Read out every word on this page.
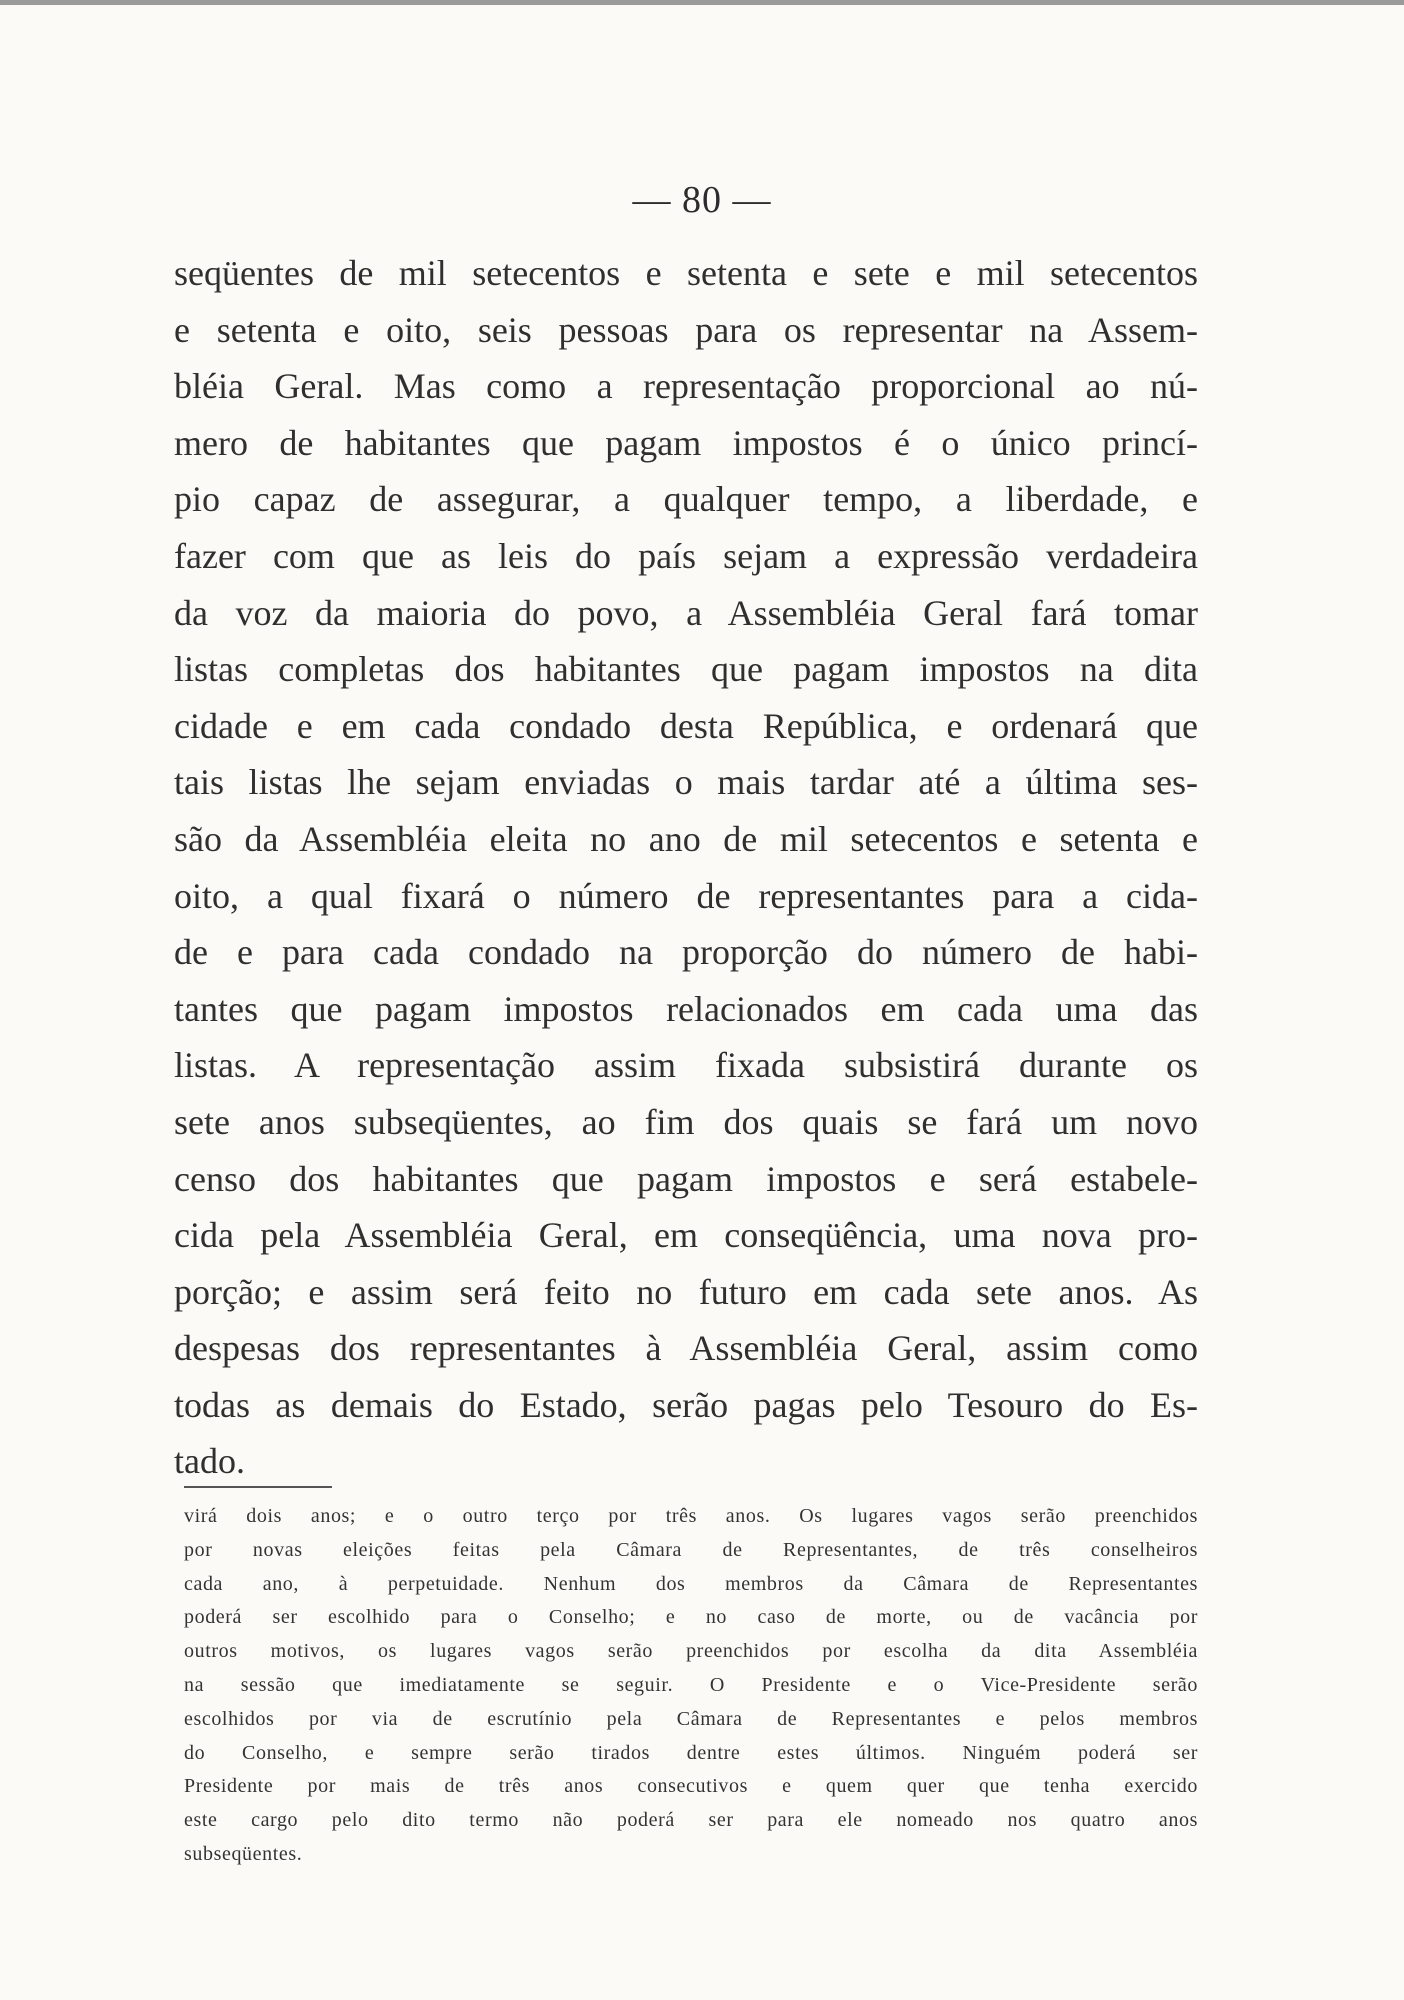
— 80 —
seqüentes de mil setecentos e setenta e sete e mil setecentos
e setenta e oito, seis pessoas para os representar na Assem-
bléia Geral. Mas como a representação proporcional ao nú-
mero de habitantes que pagam impostos é o único princí-
pio capaz de assegurar, a qualquer tempo, a liberdade, e
fazer com que as leis do país sejam a expressão verdadeira
da voz da maioria do povo, a Assembléia Geral fará tomar
listas completas dos habitantes que pagam impostos na dita
cidade e em cada condado desta República, e ordenará que
tais listas lhe sejam enviadas o mais tardar até a última ses-
são da Assembléia eleita no ano de mil setecentos e setenta e
oito, a qual fixará o número de representantes para a cida-
de e para cada condado na proporção do número de habi-
tantes que pagam impostos relacionados em cada uma das
listas. A representação assim fixada subsistirá durante os
sete anos subseqüentes, ao fim dos quais se fará um novo
censo dos habitantes que pagam impostos e será estabele-
cida pela Assembléia Geral, em conseqüência, uma nova pro-
porção; e assim será feito no futuro em cada sete anos. As
despesas dos representantes à Assembléia Geral, assim como
todas as demais do Estado, serão pagas pelo Tesouro do Es-
tado.
virá dois anos; e o outro terço por três anos. Os lugares vagos serão preenchidos
por novas eleições feitas pela Câmara de Representantes, de três conselheiros
cada ano, à perpetuidade. Nenhum dos membros da Câmara de Representantes
poderá ser escolhido para o Conselho; e no caso de morte, ou de vacância por
outros motivos, os lugares vagos serão preenchidos por escolha da dita Assembléia
na sessão que imediatamente se seguir. O Presidente e o Vice-Presidente serão
escolhidos por via de escrutínio pela Câmara de Representantes e pelos membros
do Conselho, e sempre serão tirados dentre estes últimos. Ninguém poderá ser
Presidente por mais de três anos consecutivos e quem quer que tenha exercido
este cargo pelo dito termo não poderá ser para ele nomeado nos quatro anos
subseqüentes.
